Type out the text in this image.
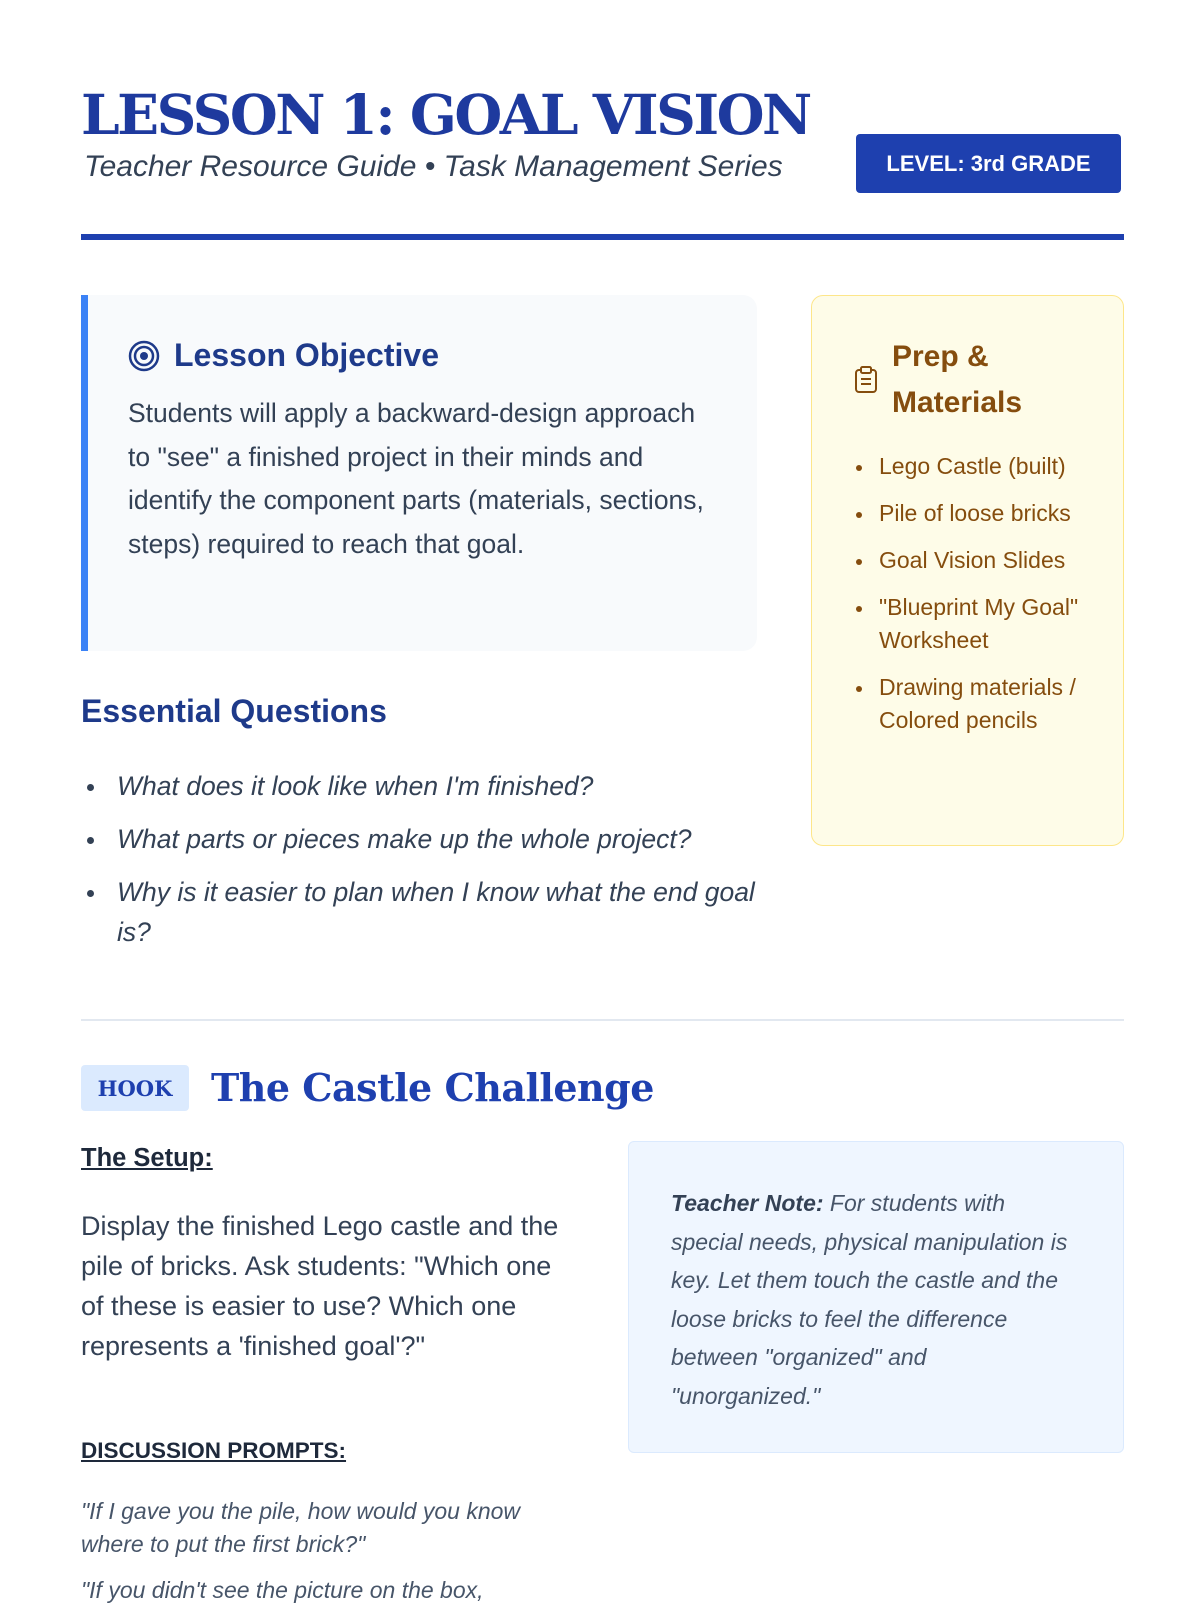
LESSON 1: GOAL VISION
Teacher Resource Guide • Task Management Series	LEVEL: 3rd GRADE
Lesson Objective
Students will apply a backward-design approach to "see" a finished project in their minds and identify the component parts (materials, sections, steps) required to reach that goal.
Essential Questions
What does it look like when I'm finished?
What parts or pieces make up the whole project?
Why is it easier to plan when I know what the end goal is?
Prep & Materials
Lego Castle (built)
Pile of loose bricks
Goal Vision Slides
"Blueprint My Goal" Worksheet
Drawing materials / Colored pencils
HOOK	The Castle Challenge
The Setup:
Display the finished Lego castle and the pile of bricks. Ask students: "Which one of these is easier to use? Which one represents a 'finished goal'?"
DISCUSSION PROMPTS:
"If I gave you the pile, how would you know where to put the first brick?"
"If you didn't see the picture on the box,
Teacher Note: For students with special needs, physical manipulation is key. Let them touch the castle and the loose bricks to feel the difference between "organized" and "unorganized."
